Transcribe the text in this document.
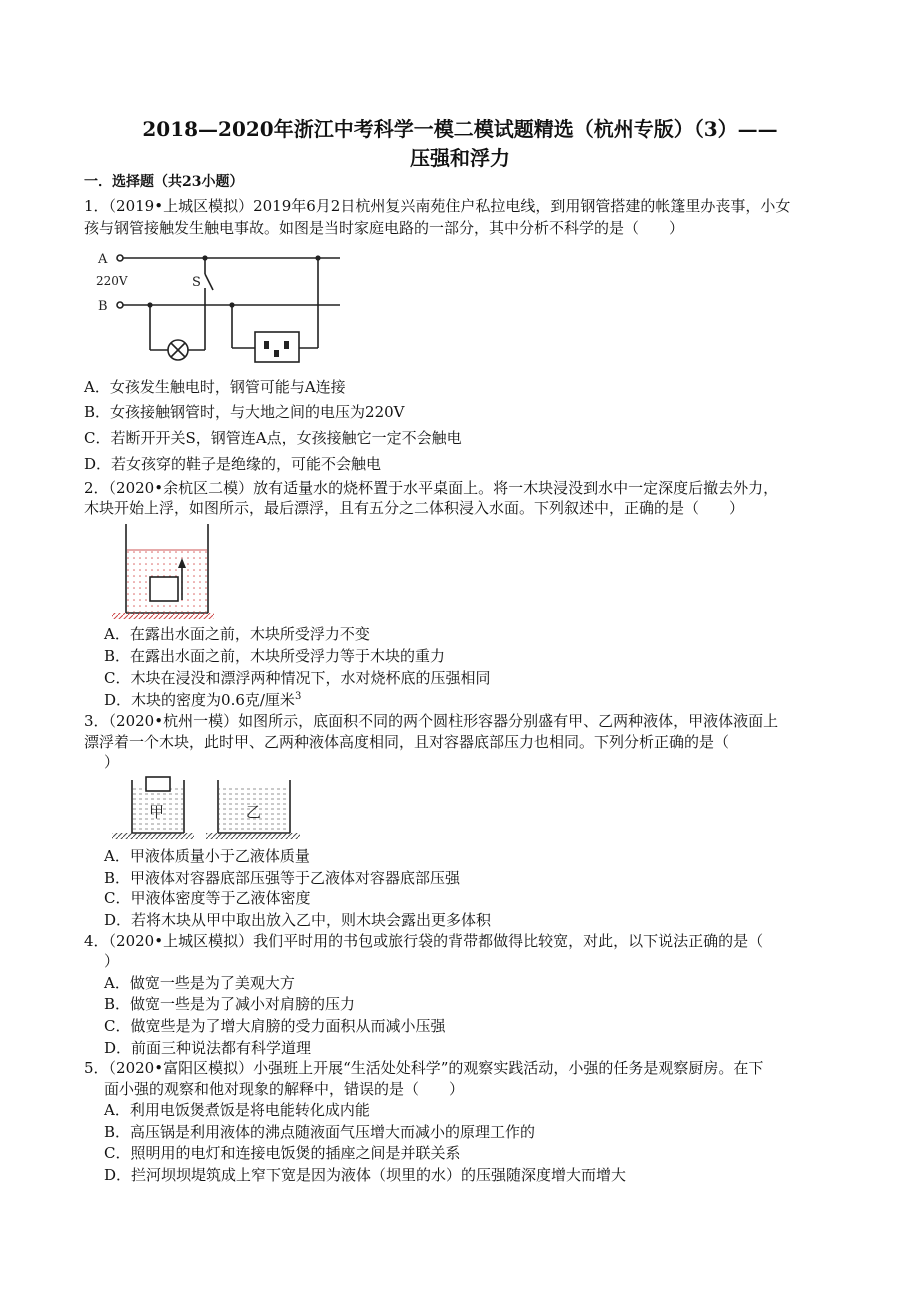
2018—2020年浙江中考科学一模二模试题精选（杭州专版）（3）——
压强和浮力
一．选择题（共23小题）
1．（2019•上城区模拟）2019年6月2日杭州复兴南苑住户私拉电线，到用钢管搭建的帐篷里办丧事，小女
孩与钢管接触发生触电事故。如图是当时家庭电路的一部分，其中分析不科学的是（　　）
A
220V
B
S
A．女孩发生触电时，钢管可能与A连接
B．女孩接触钢管时，与大地之间的电压为220V
C．若断开开关S，钢管连A点，女孩接触它一定不会触电
D．若女孩穿的鞋子是绝缘的，可能不会触电
2．（2020•余杭区二模）放有适量水的烧杯置于水平桌面上。将一木块浸没到水中一定深度后撤去外力，
木块开始上浮，如图所示，最后漂浮，且有五分之二体积浸入水面。下列叙述中，正确的是（　　）
A．在露出水面之前，木块所受浮力不变
B．在露出水面之前，木块所受浮力等于木块的重力
C．木块在浸没和漂浮两种情况下，水对烧杯底的压强相同
D．木块的密度为0.6克/厘米$^3$
3．（2020•杭州一模）如图所示，底面积不同的两个圆柱形容器分别盛有甲、乙两种液体，甲液体液面上
漂浮着一个木块，此时甲、乙两种液体高度相同，且对容器底部压力也相同。下列分析正确的是（
）
甲	乙
A．甲液体质量小于乙液体质量
B．甲液体对容器底部压强等于乙液体对容器底部压强
C．甲液体密度等于乙液体密度
D．若将木块从甲中取出放入乙中，则木块会露出更多体积
4．（2020•上城区模拟）我们平时用的书包或旅行袋的背带都做得比较宽，对此，以下说法正确的是（
）
A．做宽一些是为了美观大方
B．做宽一些是为了减小对肩膀的压力
C．做宽些是为了增大肩膀的受力面积从而减小压强
D．前面三种说法都有科学道理
5．（2020•富阳区模拟）小强班上开展“生活处处科学”的观察实践活动，小强的任务是观察厨房。在下
面小强的观察和他对现象的解释中，错误的是（　　）
A．利用电饭煲煮饭是将电能转化成内能
B．高压锅是利用液体的沸点随液面气压增大而减小的原理工作的
C．照明用的电灯和连接电饭煲的插座之间是并联关系
D．拦河坝坝堤筑成上窄下宽是因为液体（坝里的水）的压强随深度增大而增大
